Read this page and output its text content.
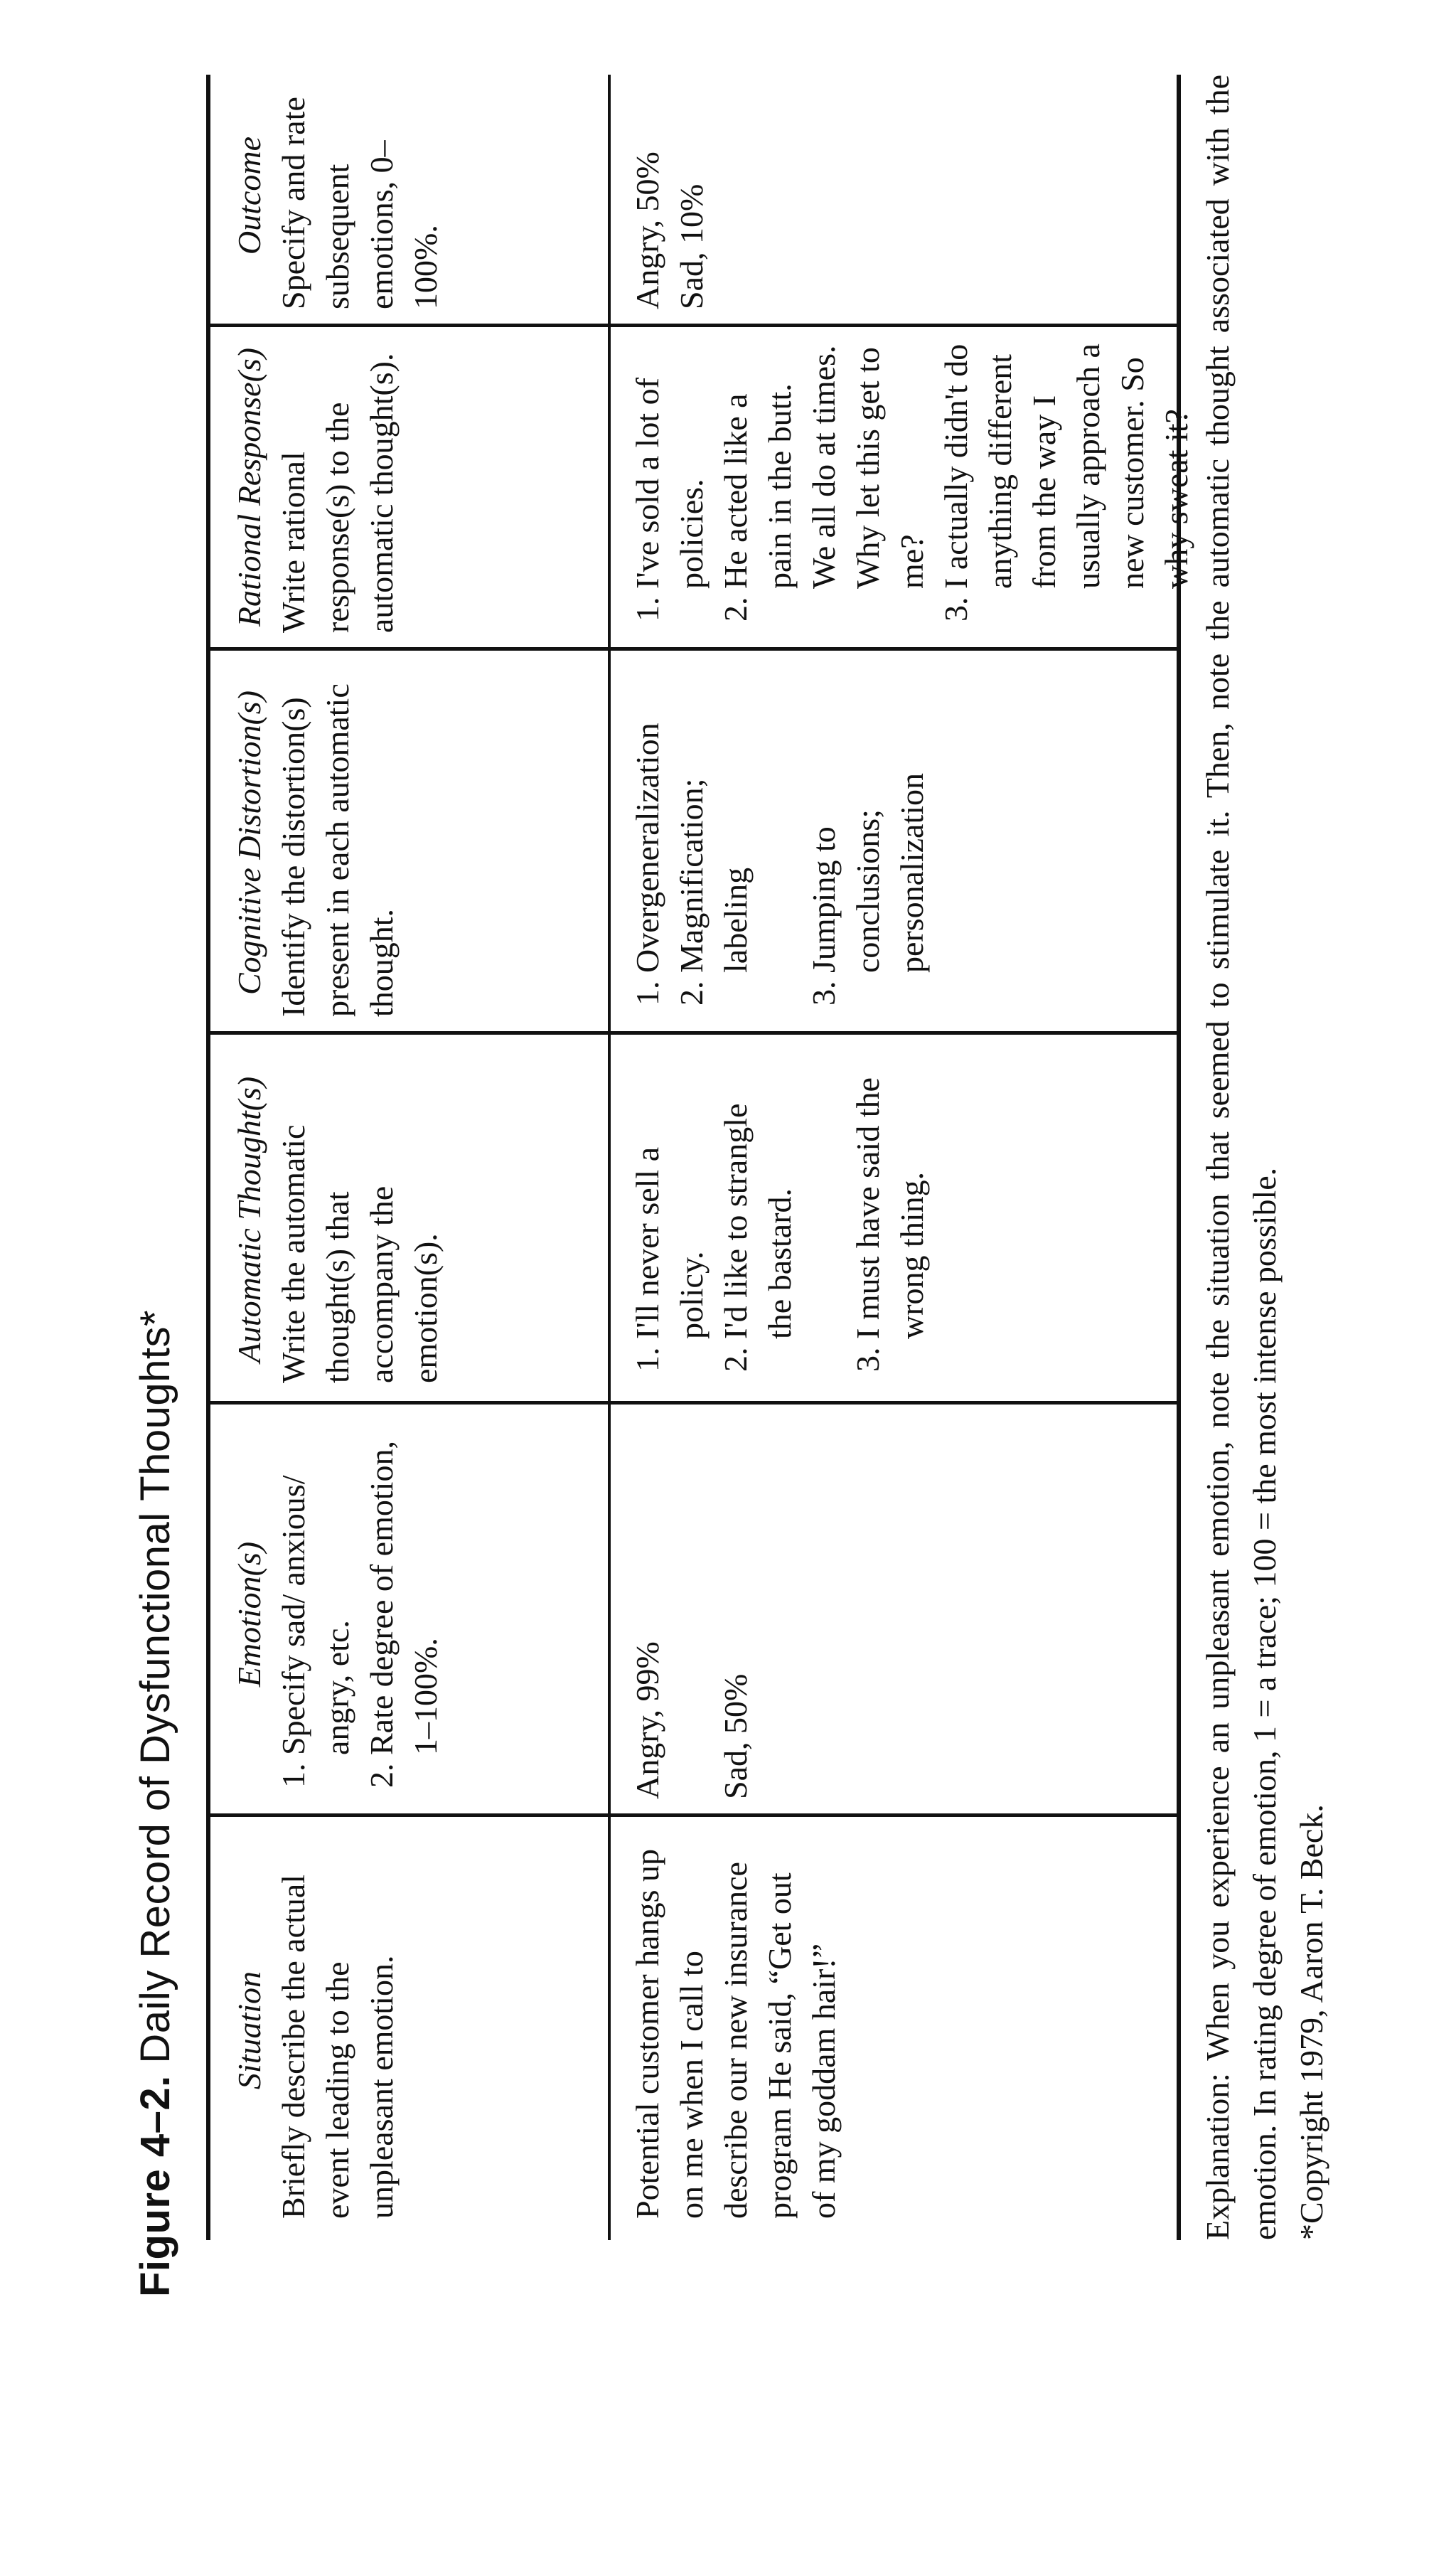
Figure 4–2. Daily Record of Dysfunctional Thoughts* Situation Briefly describe the actual event leading to the unpleasant emotion.
Emotion(s) 1. Specify sad/ anxious/ angry, etc. 2. Rate degree of emotion, 1–100%.
Automatic Thought(s) Write the automatic thought(s) that accompany the emotion(s).
Cognitive Distortion(s) Identify the distortion(s) present in each automatic thought.
Rational Response(s) Write rational response(s) to the automatic thought(s).
Outcome Specify and rate subsequent emotions, 0–100%.
Potential customer hangs up on me when I call to describe our new insurance program He said, “Get out of my goddam hair!”
Angry, 99% Sad, 50%
1. I'll never sell a policy. 2. I'd like to strangle the bastard. 3. I must have said the wrong thing.
1. Overgeneralization 2. Magnification; labeling 3. Jumping to conclusions; personalization
1. I've sold a lot of policies. 2. He acted like a pain in the butt. We all do at times. Why let this get to me? 3. I actually didn't do anything different from the way I usually approach a new customer. So why sweat it?
Angry, 50% Sad, 10%	Explanation: When you experience an unpleasant emotion, note the situation that seemed to stimulate it. Then, note the automatic thought associated with the emotion. In rating degree of emotion, 1 = a trace; 100 = the most intense possible. *Copyright 1979, Aaron T. Beck.
